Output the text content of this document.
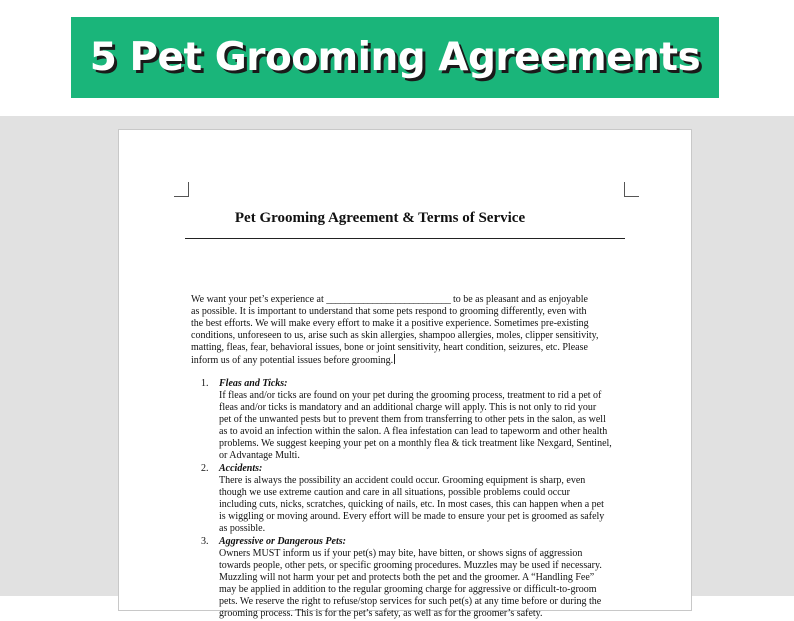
5 Pet Grooming Agreements
Pet Grooming Agreement & Terms of Service
We want your pet’s experience at ___________________________ to be as pleasant and as enjoyable
as possible. It is important to understand that some pets respond to grooming differently, even with
the best efforts. We will make every effort to make it a positive experience. Sometimes pre-existing
conditions, unforeseen to us, arise such as skin allergies, shampoo allergies, moles, clipper sensitivity,
matting, fleas, fear, behavioral issues, bone or joint sensitivity, heart condition, seizures, etc. Please
inform us of any potential issues before grooming.
1. Fleas and Ticks:
If fleas and/or ticks are found on your pet during the grooming process, treatment to rid a pet of
fleas and/or ticks is mandatory and an additional charge will apply. This is not only to rid your
pet of the unwanted pests but to prevent them from transferring to other pets in the salon, as well
as to avoid an infection within the salon. A flea infestation can lead to tapeworm and other health
problems. We suggest keeping your pet on a monthly flea & tick treatment like Nexgard, Sentinel,
or Advantage Multi.
2. Accidents:
There is always the possibility an accident could occur. Grooming equipment is sharp, even
though we use extreme caution and care in all situations, possible problems could occur
including cuts, nicks, scratches, quicking of nails, etc. In most cases, this can happen when a pet
is wiggling or moving around. Every effort will be made to ensure your pet is groomed as safely
as possible.
3. Aggressive or Dangerous Pets:
Owners MUST inform us if your pet(s) may bite, have bitten, or shows signs of aggression
towards people, other pets, or specific grooming procedures. Muzzles may be used if necessary.
Muzzling will not harm your pet and protects both the pet and the groomer. A “Handling Fee”
may be applied in addition to the regular grooming charge for aggressive or difficult-to-groom
pets. We reserve the right to refuse/stop services for such pet(s) at any time before or during the
grooming process. This is for the pet’s safety, as well as for the groomer’s safety.
